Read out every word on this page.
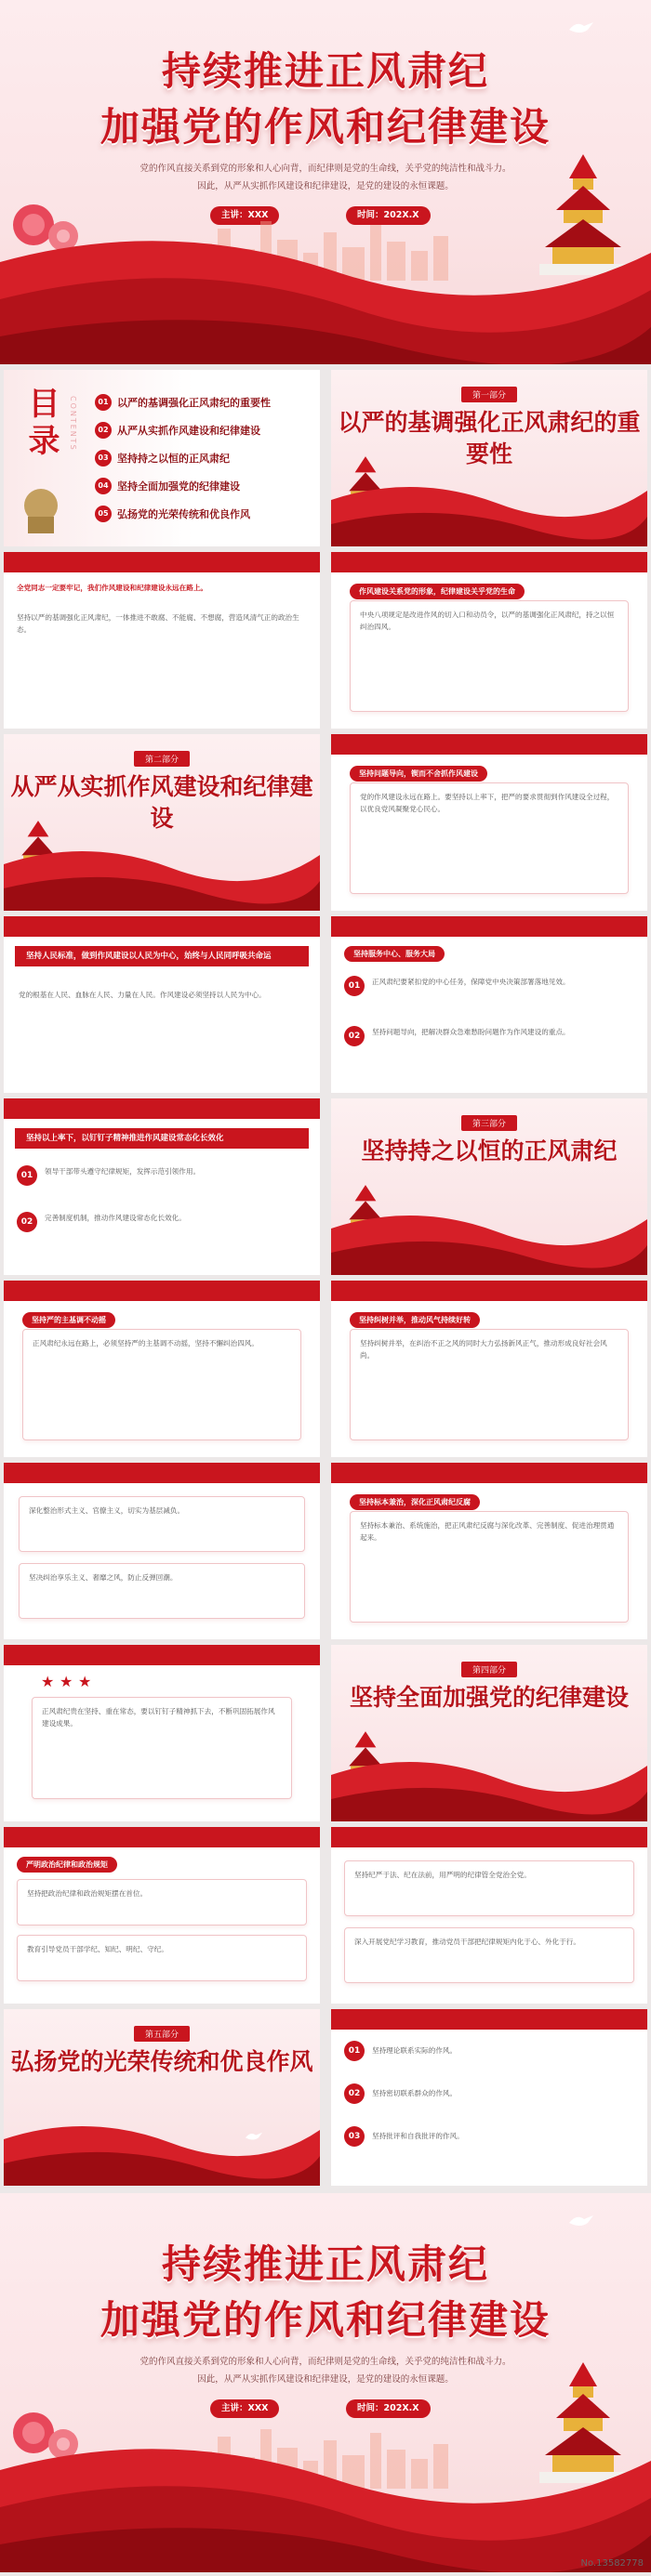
持续推进正风肃纪
加强党的作风和纪律建设
党的作风直接关系到党的形象和人心向背，而纪律则是党的生命线，关乎党的纯洁性和战斗力。
因此，从严从实抓作风建设和纪律建设，是党的建设的永恒课题。
主讲：XXX	时间：202X.X
目录	CONTENTS	01 以严的基调强化正风肃纪的重要性
02 从严从实抓作风建设和纪律建设
03 坚持持之以恒的正风肃纪
04 坚持全面加强党的纪律建设
05 弘扬党的光荣传统和优良作风
第一部分
以严的基调强化正风肃纪的重要性
以严的基调强化正风肃纪的重要性
全党同志一定要牢记，我们作风建设和纪律建设永远在路上。
坚持以严的基调强化正风肃纪，一体推进不敢腐、不能腐、不想腐，营造风清气正的政治生态。
以严的基调强化正风肃纪的重要性
作风建设关系党的形象，纪律建设关乎党的生命

中央八项规定是改进作风的切入口和动员令，以严的基调强化正风肃纪，持之以恒纠治四风。

第二部分
从严从实抓作风建设和纪律建设
从严从实抓作风建设和纪律建设
坚持问题导向，锲而不舍抓作风建设

党的作风建设永远在路上。要坚持以上率下，把严的要求贯彻到作风建设全过程，以优良党风凝聚党心民心。

从严从实抓作风建设和纪律建设
坚持人民标准，做到作风建设以人民为中心，始终与人民同呼吸共命运
党的根基在人民、血脉在人民、力量在人民。作风建设必须坚持以人民为中心。
从严从实抓作风建设和纪律建设
坚持服务中心、服务大局
01	正风肃纪要紧扣党的中心任务，保障党中央决策部署落地见效。
02	坚持问题导向，把解决群众急难愁盼问题作为作风建设的重点。
从严从实抓作风建设和纪律建设
坚持以上率下，以钉钉子精神推进作风建设常态化长效化
01	领导干部带头遵守纪律规矩，发挥示范引领作用。
02	完善制度机制，推动作风建设常态化长效化。
第三部分
坚持持之以恒的正风肃纪
坚持持之以恒的正风肃纪
坚持严的主基调不动摇

正风肃纪永远在路上，必须坚持严的主基调不动摇，坚持不懈纠治四风。

坚持持之以恒的正风肃纪
坚持纠树并举，推动风气持续好转

坚持纠树并举，在纠治不正之风的同时大力弘扬新风正气，推动形成良好社会风尚。

坚持持之以恒的正风肃纪

深化整治形式主义、官僚主义，切实为基层减负。

坚决纠治享乐主义、奢靡之风，防止反弹回潮。

坚持持之以恒的正风肃纪
坚持标本兼治，深化正风肃纪反腐

坚持标本兼治、系统施治，把正风肃纪反腐与深化改革、完善制度、促进治理贯通起来。

坚持持之以恒的正风肃纪
★ ★ ★

正风肃纪贵在坚持、重在常态，要以钉钉子精神抓下去，不断巩固拓展作风建设成果。

第四部分
坚持全面加强党的纪律建设
坚持全面加强党的纪律建设
严明政治纪律和政治规矩

坚持把政治纪律和政治规矩摆在首位。

教育引导党员干部学纪、知纪、明纪、守纪。

坚持全面加强党的纪律建设

坚持纪严于法、纪在法前，用严明的纪律管全党治全党。

深入开展党纪学习教育，推动党员干部把纪律规矩内化于心、外化于行。

第五部分
弘扬党的光荣传统和优良作风
弘扬党的光荣传统和优良作风
01	坚持理论联系实际的作风。
02	坚持密切联系群众的作风。
03	坚持批评和自我批评的作风。
持续推进正风肃纪
加强党的作风和纪律建设
党的作风直接关系到党的形象和人心向背，而纪律则是党的生命线，关乎党的纯洁性和战斗力。
因此，从严从实抓作风建设和纪律建设，是党的建设的永恒课题。
主讲：XXX	时间：202X.X
No.13582778
